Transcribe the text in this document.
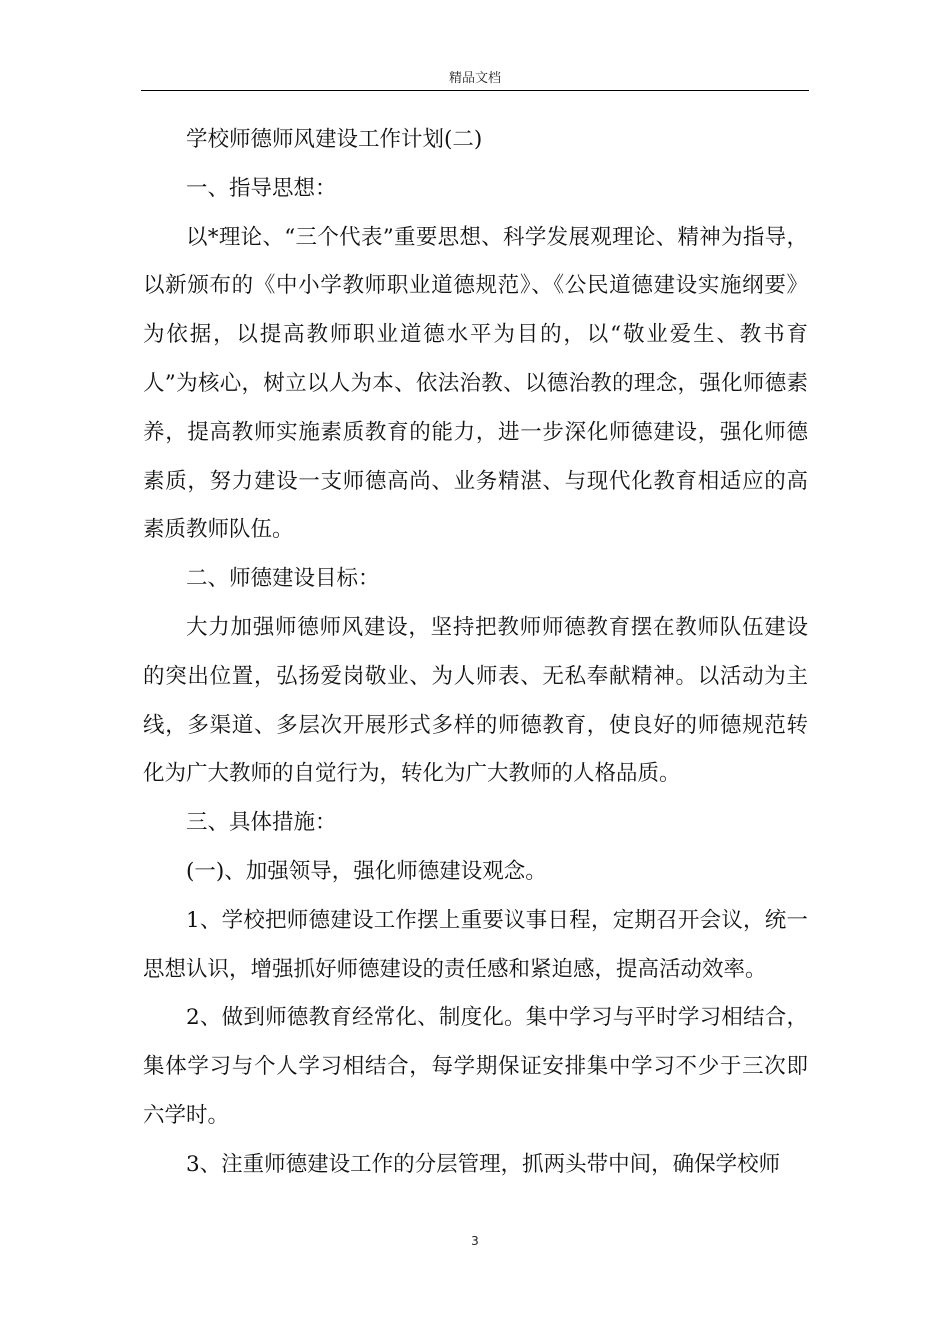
精品文档

学校师德师风建设工作计划(二)

一、指导思想：

以*理论、“三个代表”重要思想、科学发展观理论、精神为指导，以新颁布的《中小学教师职业道德规范》、《公民道德建设实施纲要》为依据，以提高教师职业道德水平为目的，以“敬业爱生、教书育人”为核心，树立以人为本、依法治教、以德治教的理念，强化师德素养，提高教师实施素质教育的能力，进一步深化师德建设，强化师德素质，努力建设一支师德高尚、业务精湛、与现代化教育相适应的高素质教师队伍。

二、师德建设目标：

大力加强师德师风建设，坚持把教师师德教育摆在教师队伍建设的突出位置，弘扬爱岗敬业、为人师表、无私奉献精神。以活动为主线，多渠道、多层次开展形式多样的师德教育，使良好的师德规范转化为广大教师的自觉行为，转化为广大教师的人格品质。

三、具体措施：

(一)、加强领导，强化师德建设观念。

1、学校把师德建设工作摆上重要议事日程，定期召开会议，统一思想认识，增强抓好师德建设的责任感和紧迫感，提高活动效率。

2、做到师德教育经常化、制度化。集中学习与平时学习相结合，集体学习与个人学习相结合，每学期保证安排集中学习不少于三次即六学时。

3、注重师德建设工作的分层管理，抓两头带中间，确保学校师

3
